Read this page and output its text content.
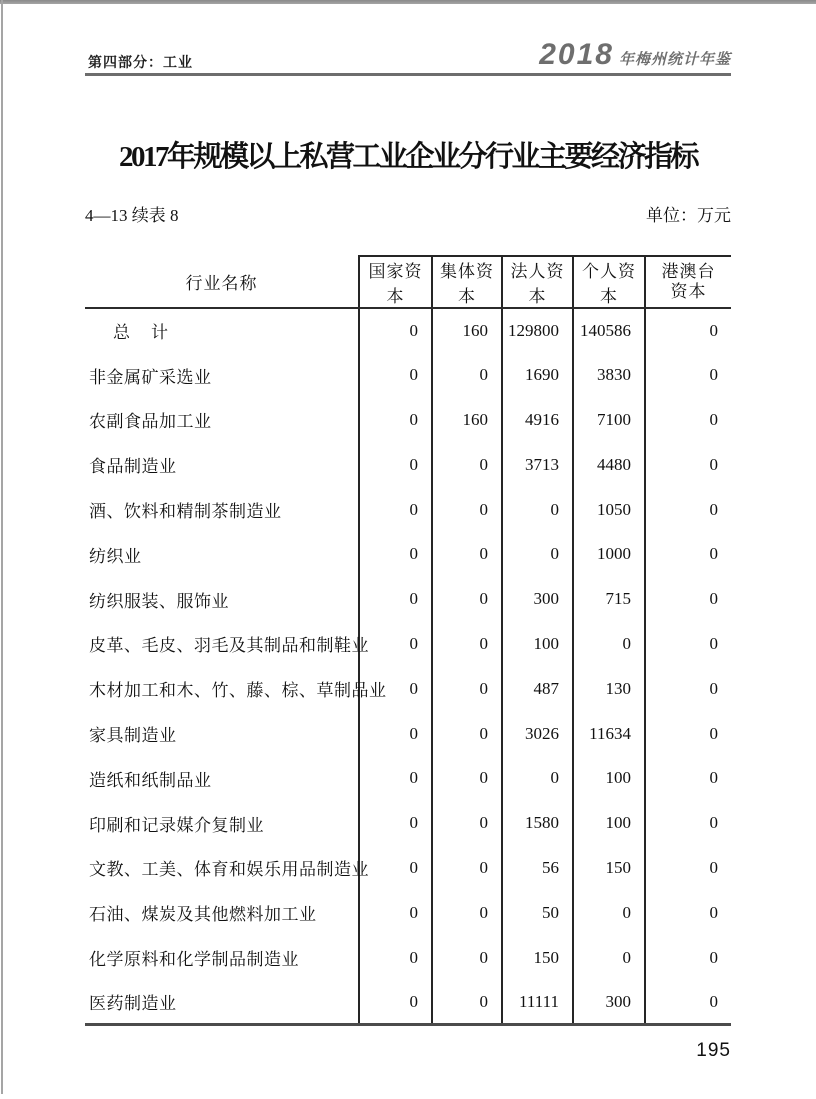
第四部分：工业	2018 年梅州统计年鉴
2017年规模以上私营工业企业分行业主要经济指标
4—13 续表 8	单位：万元
行业名称	国家资本	集体资本	法人资本	个人资本	港澳台资本

总　计	0	160	129800	140586	0
非金属矿采选业	0	0	1690	3830	0
农副食品加工业	0	160	4916	7100	0
食品制造业	0	0	3713	4480	0
酒、饮料和精制茶制造业	0	0	0	1050	0
纺织业	0	0	0	1000	0
纺织服装、服饰业	0	0	300	715	0
皮革、毛皮、羽毛及其制品和制鞋业	0	0	100	0	0
木材加工和木、竹、藤、棕、草制品业	0	0	487	130	0
家具制造业	0	0	3026	11634	0
造纸和纸制品业	0	0	0	100	0
印刷和记录媒介复制业	0	0	1580	100	0
文教、工美、体育和娱乐用品制造业	0	0	56	150	0
石油、煤炭及其他燃料加工业	0	0	50	0	0
化学原料和化学制品制造业	0	0	150	0	0
医药制造业	0	0	11111	300	0
195
